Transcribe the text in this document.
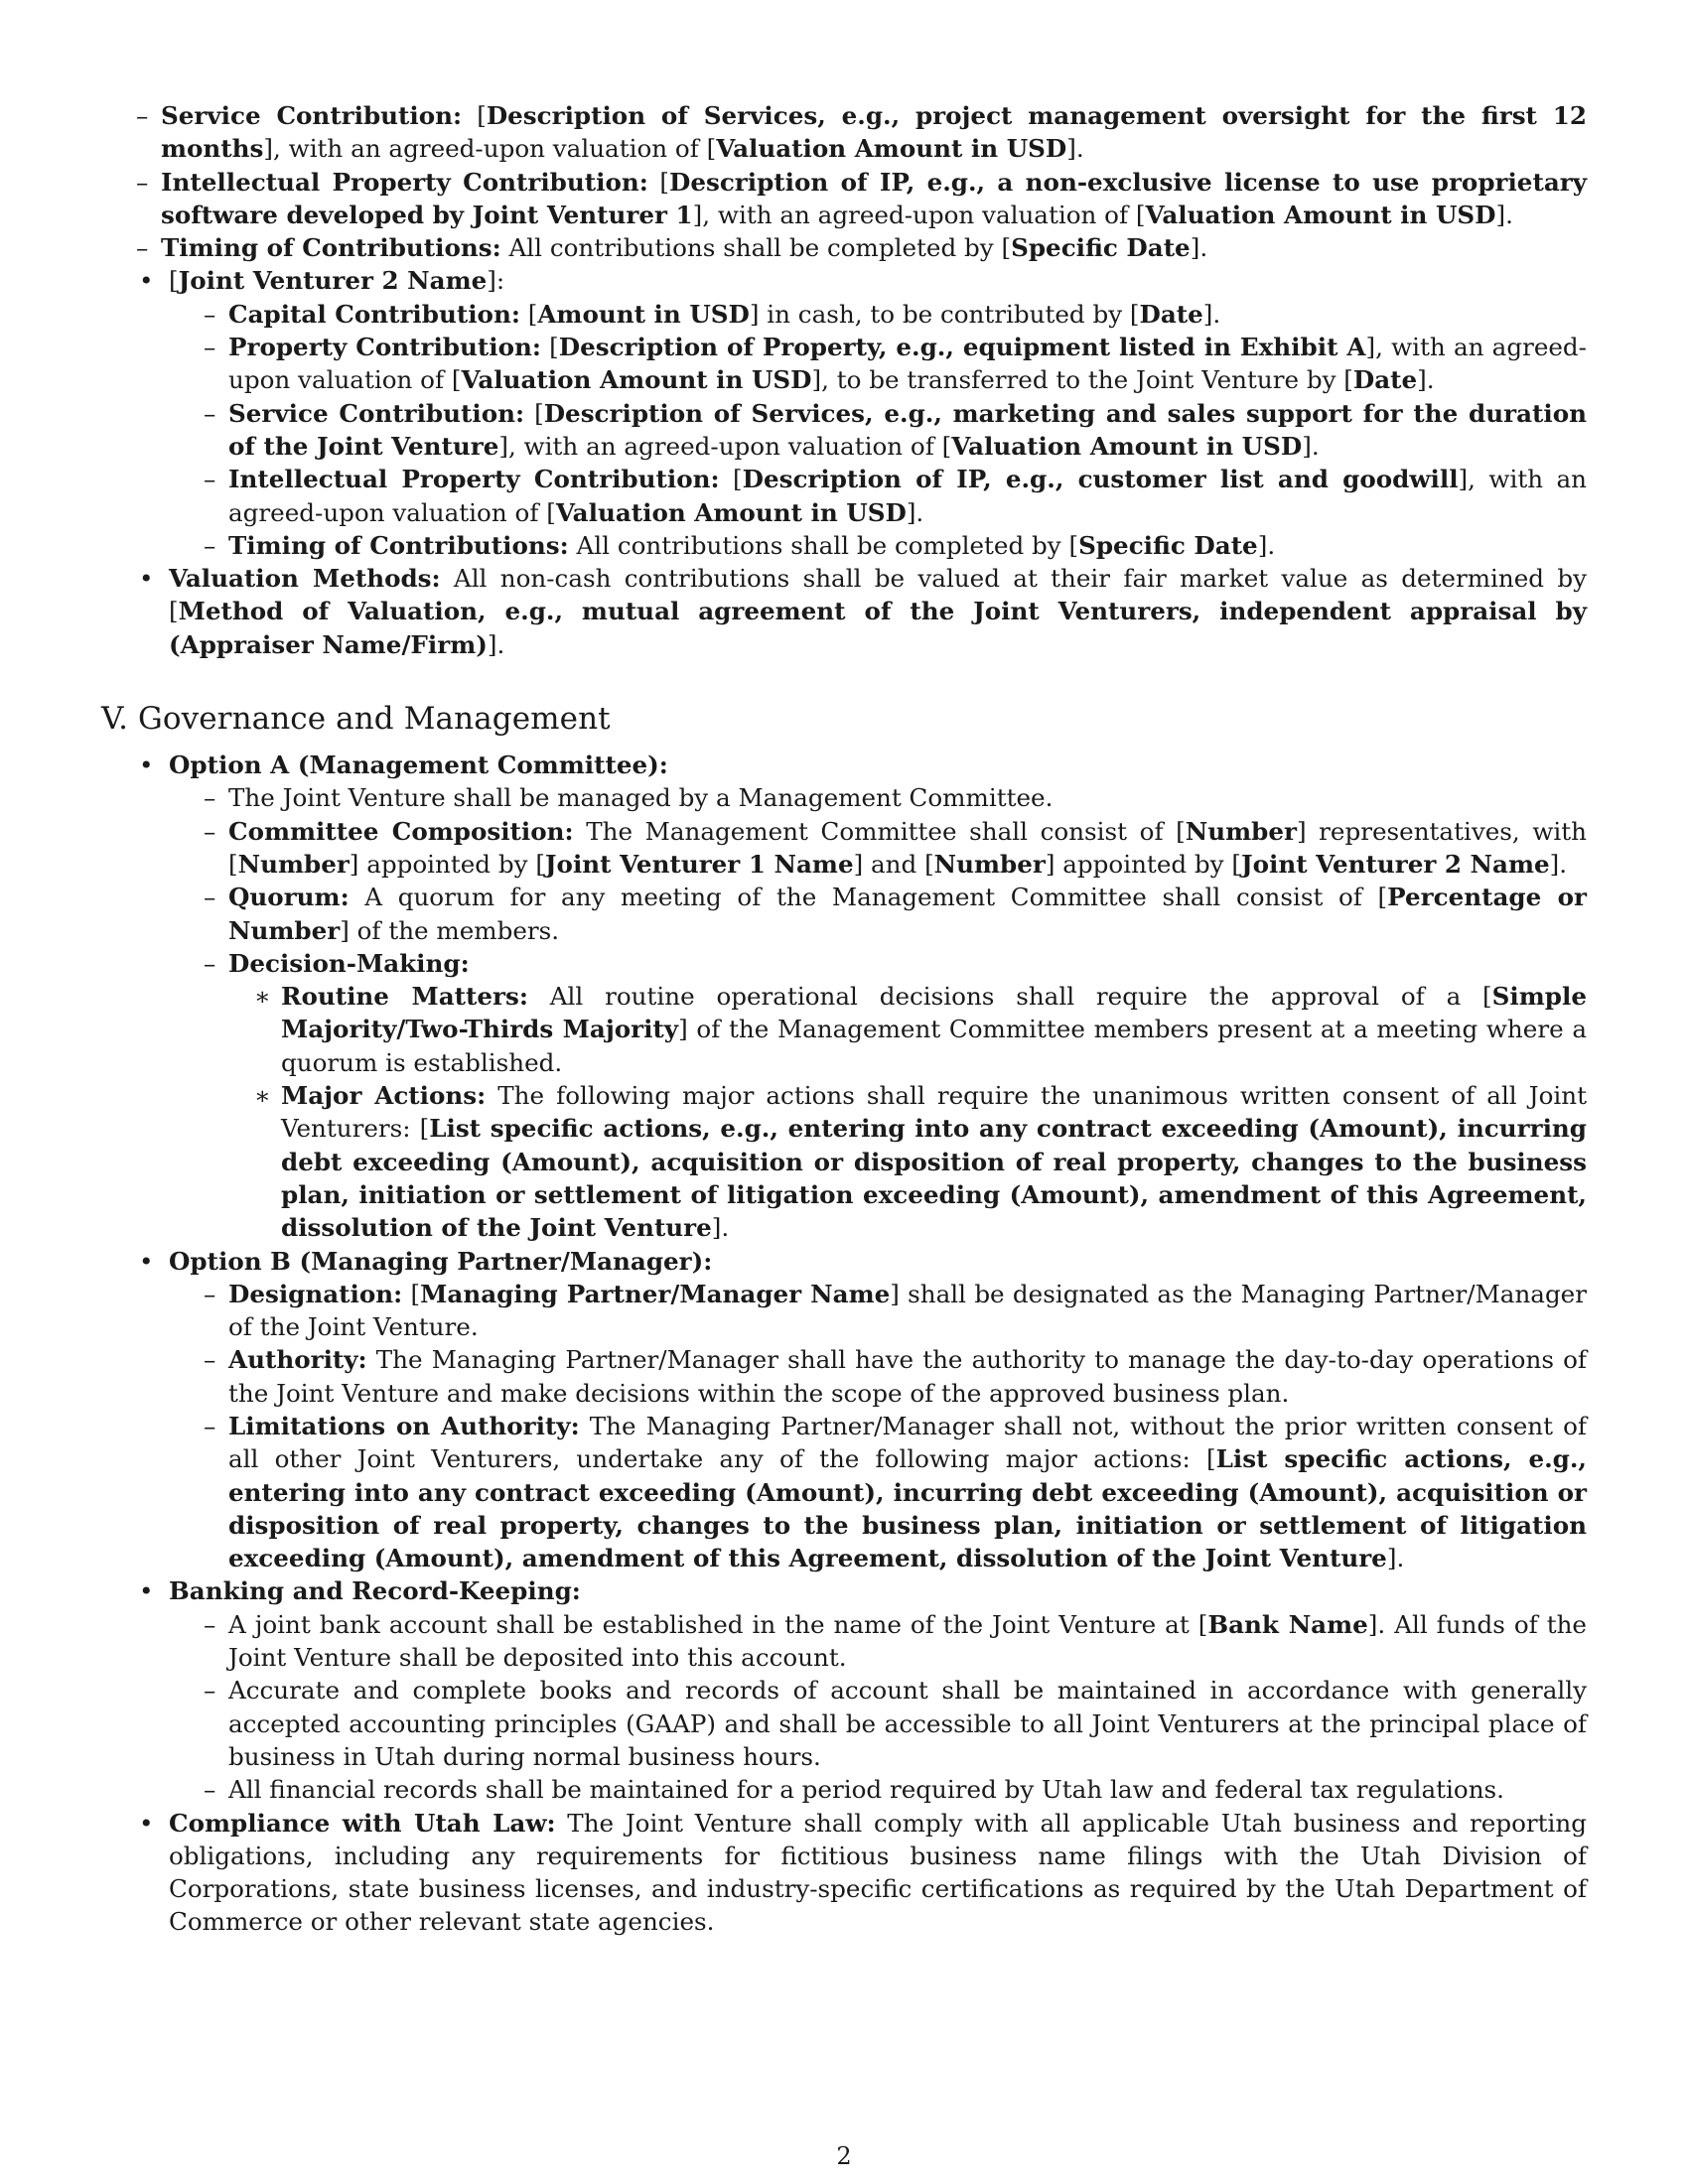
– Service Contribution: [Description of Services, e.g., project management oversight for the first 12 months], with an agreed-upon valuation of [Valuation Amount in USD].
– Intellectual Property Contribution: [Description of IP, e.g., a non-exclusive license to use proprietary software developed by Joint Venturer 1], with an agreed-upon valuation of [Valuation Amount in USD].
– Timing of Contributions: All contributions shall be completed by [Specific Date].
• [Joint Venturer 2 Name]:
– Capital Contribution: [Amount in USD] in cash, to be contributed by [Date].
– Property Contribution: [Description of Property, e.g., equipment listed in Exhibit A], with an agreed-upon valuation of [Valuation Amount in USD], to be transferred to the Joint Venture by [Date].
– Service Contribution: [Description of Services, e.g., marketing and sales support for the duration of the Joint Venture], with an agreed-upon valuation of [Valuation Amount in USD].
– Intellectual Property Contribution: [Description of IP, e.g., customer list and goodwill], with an agreed-upon valuation of [Valuation Amount in USD].
– Timing of Contributions: All contributions shall be completed by [Specific Date].
• Valuation Methods: All non-cash contributions shall be valued at their fair market value as determined by [Method of Valuation, e.g., mutual agreement of the Joint Venturers, independent appraisal by (Appraiser Name/Firm)].
V. Governance and Management
• Option A (Management Committee):
– The Joint Venture shall be managed by a Management Committee.
– Committee Composition: The Management Committee shall consist of [Number] representatives, with [Number] appointed by [Joint Venturer 1 Name] and [Number] appointed by [Joint Venturer 2 Name].
– Quorum: A quorum for any meeting of the Management Committee shall consist of [Percentage or Number] of the members.
– Decision-Making:
∗ Routine Matters: All routine operational decisions shall require the approval of a [Simple Majority/Two-Thirds Majority] of the Management Committee members present at a meeting where a quorum is established.
∗ Major Actions: The following major actions shall require the unanimous written consent of all Joint Venturers: [List specific actions, e.g., entering into any contract exceeding (Amount), incurring debt exceeding (Amount), acquisition or disposition of real property, changes to the business plan, initiation or settlement of litigation exceeding (Amount), amendment of this Agreement, dissolution of the Joint Venture].
• Option B (Managing Partner/Manager):
– Designation: [Managing Partner/Manager Name] shall be designated as the Managing Partner/Manager of the Joint Venture.
– Authority: The Managing Partner/Manager shall have the authority to manage the day-to-day operations of the Joint Venture and make decisions within the scope of the approved business plan.
– Limitations on Authority: The Managing Partner/Manager shall not, without the prior written consent of all other Joint Venturers, undertake any of the following major actions: [List specific actions, e.g., entering into any contract exceeding (Amount), incurring debt exceeding (Amount), acquisition or disposition of real property, changes to the business plan, initiation or settlement of litigation exceeding (Amount), amendment of this Agreement, dissolution of the Joint Venture].
• Banking and Record-Keeping:
– A joint bank account shall be established in the name of the Joint Venture at [Bank Name]. All funds of the Joint Venture shall be deposited into this account.
– Accurate and complete books and records of account shall be maintained in accordance with generally accepted accounting principles (GAAP) and shall be accessible to all Joint Venturers at the principal place of business in Utah during normal business hours.
– All financial records shall be maintained for a period required by Utah law and federal tax regulations.
• Compliance with Utah Law: The Joint Venture shall comply with all applicable Utah business and reporting obligations, including any requirements for fictitious business name filings with the Utah Division of Corporations, state business licenses, and industry-specific certifications as required by the Utah Department of Commerce or other relevant state agencies.
2
